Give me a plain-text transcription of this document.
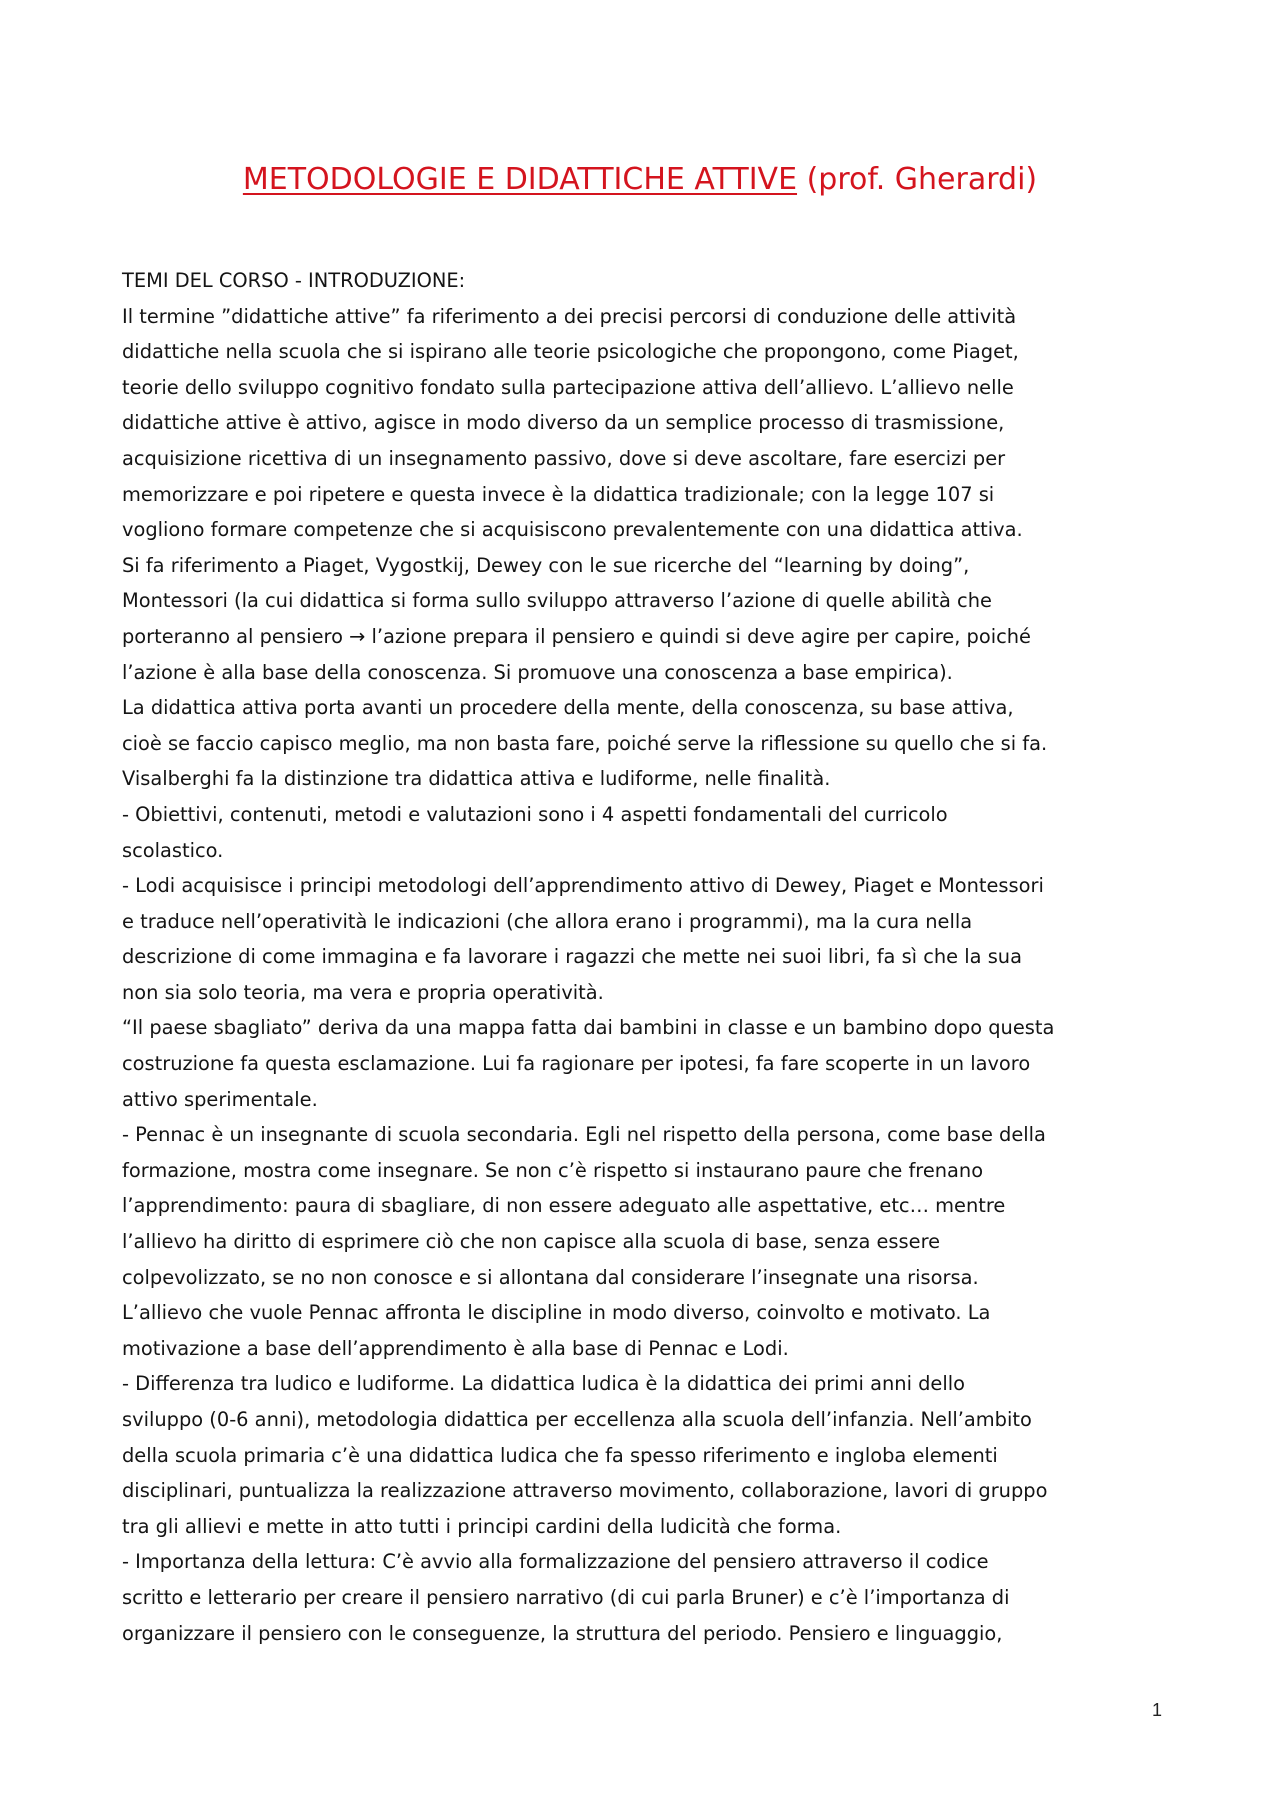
METODOLOGIE E DIDATTICHE ATTIVE (prof. Gherardi)
TEMI DEL CORSO - INTRODUZIONE:
Il termine ”didattiche attive” fa riferimento a dei precisi percorsi di conduzione delle attività
didattiche nella scuola che si ispirano alle teorie psicologiche che propongono, come Piaget,
teorie dello sviluppo cognitivo fondato sulla partecipazione attiva dell’allievo. L’allievo nelle
didattiche attive è attivo, agisce in modo diverso da un semplice processo di trasmissione,
acquisizione ricettiva di un insegnamento passivo, dove si deve ascoltare, fare esercizi per
memorizzare e poi ripetere e questa invece è la didattica tradizionale; con la legge 107 si
vogliono formare competenze che si acquisiscono prevalentemente con una didattica attiva.
Si fa riferimento a Piaget, Vygostkij, Dewey con le sue ricerche del “learning by doing”,
Montessori (la cui didattica si forma sullo sviluppo attraverso l’azione di quelle abilità che
porteranno al pensiero → l’azione prepara il pensiero e quindi si deve agire per capire, poiché
l’azione è alla base della conoscenza. Si promuove una conoscenza a base empirica).
La didattica attiva porta avanti un procedere della mente, della conoscenza, su base attiva,
cioè se faccio capisco meglio, ma non basta fare, poiché serve la riflessione su quello che si fa.
Visalberghi fa la distinzione tra didattica attiva e ludiforme, nelle finalità.
- Obiettivi, contenuti, metodi e valutazioni sono i 4 aspetti fondamentali del curricolo
scolastico.
- Lodi acquisisce i principi metodologi dell’apprendimento attivo di Dewey, Piaget e Montessori
e traduce nell’operatività le indicazioni (che allora erano i programmi), ma la cura nella
descrizione di come immagina e fa lavorare i ragazzi che mette nei suoi libri, fa sì che la sua
non sia solo teoria, ma vera e propria operatività.
“Il paese sbagliato” deriva da una mappa fatta dai bambini in classe e un bambino dopo questa
costruzione fa questa esclamazione. Lui fa ragionare per ipotesi, fa fare scoperte in un lavoro
attivo sperimentale.
- Pennac è un insegnante di scuola secondaria. Egli nel rispetto della persona, come base della
formazione, mostra come insegnare. Se non c’è rispetto si instaurano paure che frenano
l’apprendimento: paura di sbagliare, di non essere adeguato alle aspettative, etc… mentre
l’allievo ha diritto di esprimere ciò che non capisce alla scuola di base, senza essere
colpevolizzato, se no non conosce e si allontana dal considerare l’insegnate una risorsa.
L’allievo che vuole Pennac affronta le discipline in modo diverso, coinvolto e motivato. La
motivazione a base dell’apprendimento è alla base di Pennac e Lodi.
- Differenza tra ludico e ludiforme. La didattica ludica è la didattica dei primi anni dello
sviluppo (0-6 anni), metodologia didattica per eccellenza alla scuola dell’infanzia. Nell’ambito
della scuola primaria c’è una didattica ludica che fa spesso riferimento e ingloba elementi
disciplinari, puntualizza la realizzazione attraverso movimento, collaborazione, lavori di gruppo
tra gli allievi e mette in atto tutti i principi cardini della ludicità che forma.
- Importanza della lettura: C’è avvio alla formalizzazione del pensiero attraverso il codice
scritto e letterario per creare il pensiero narrativo (di cui parla Bruner) e c’è l’importanza di
organizzare il pensiero con le conseguenze, la struttura del periodo. Pensiero e linguaggio,
1
